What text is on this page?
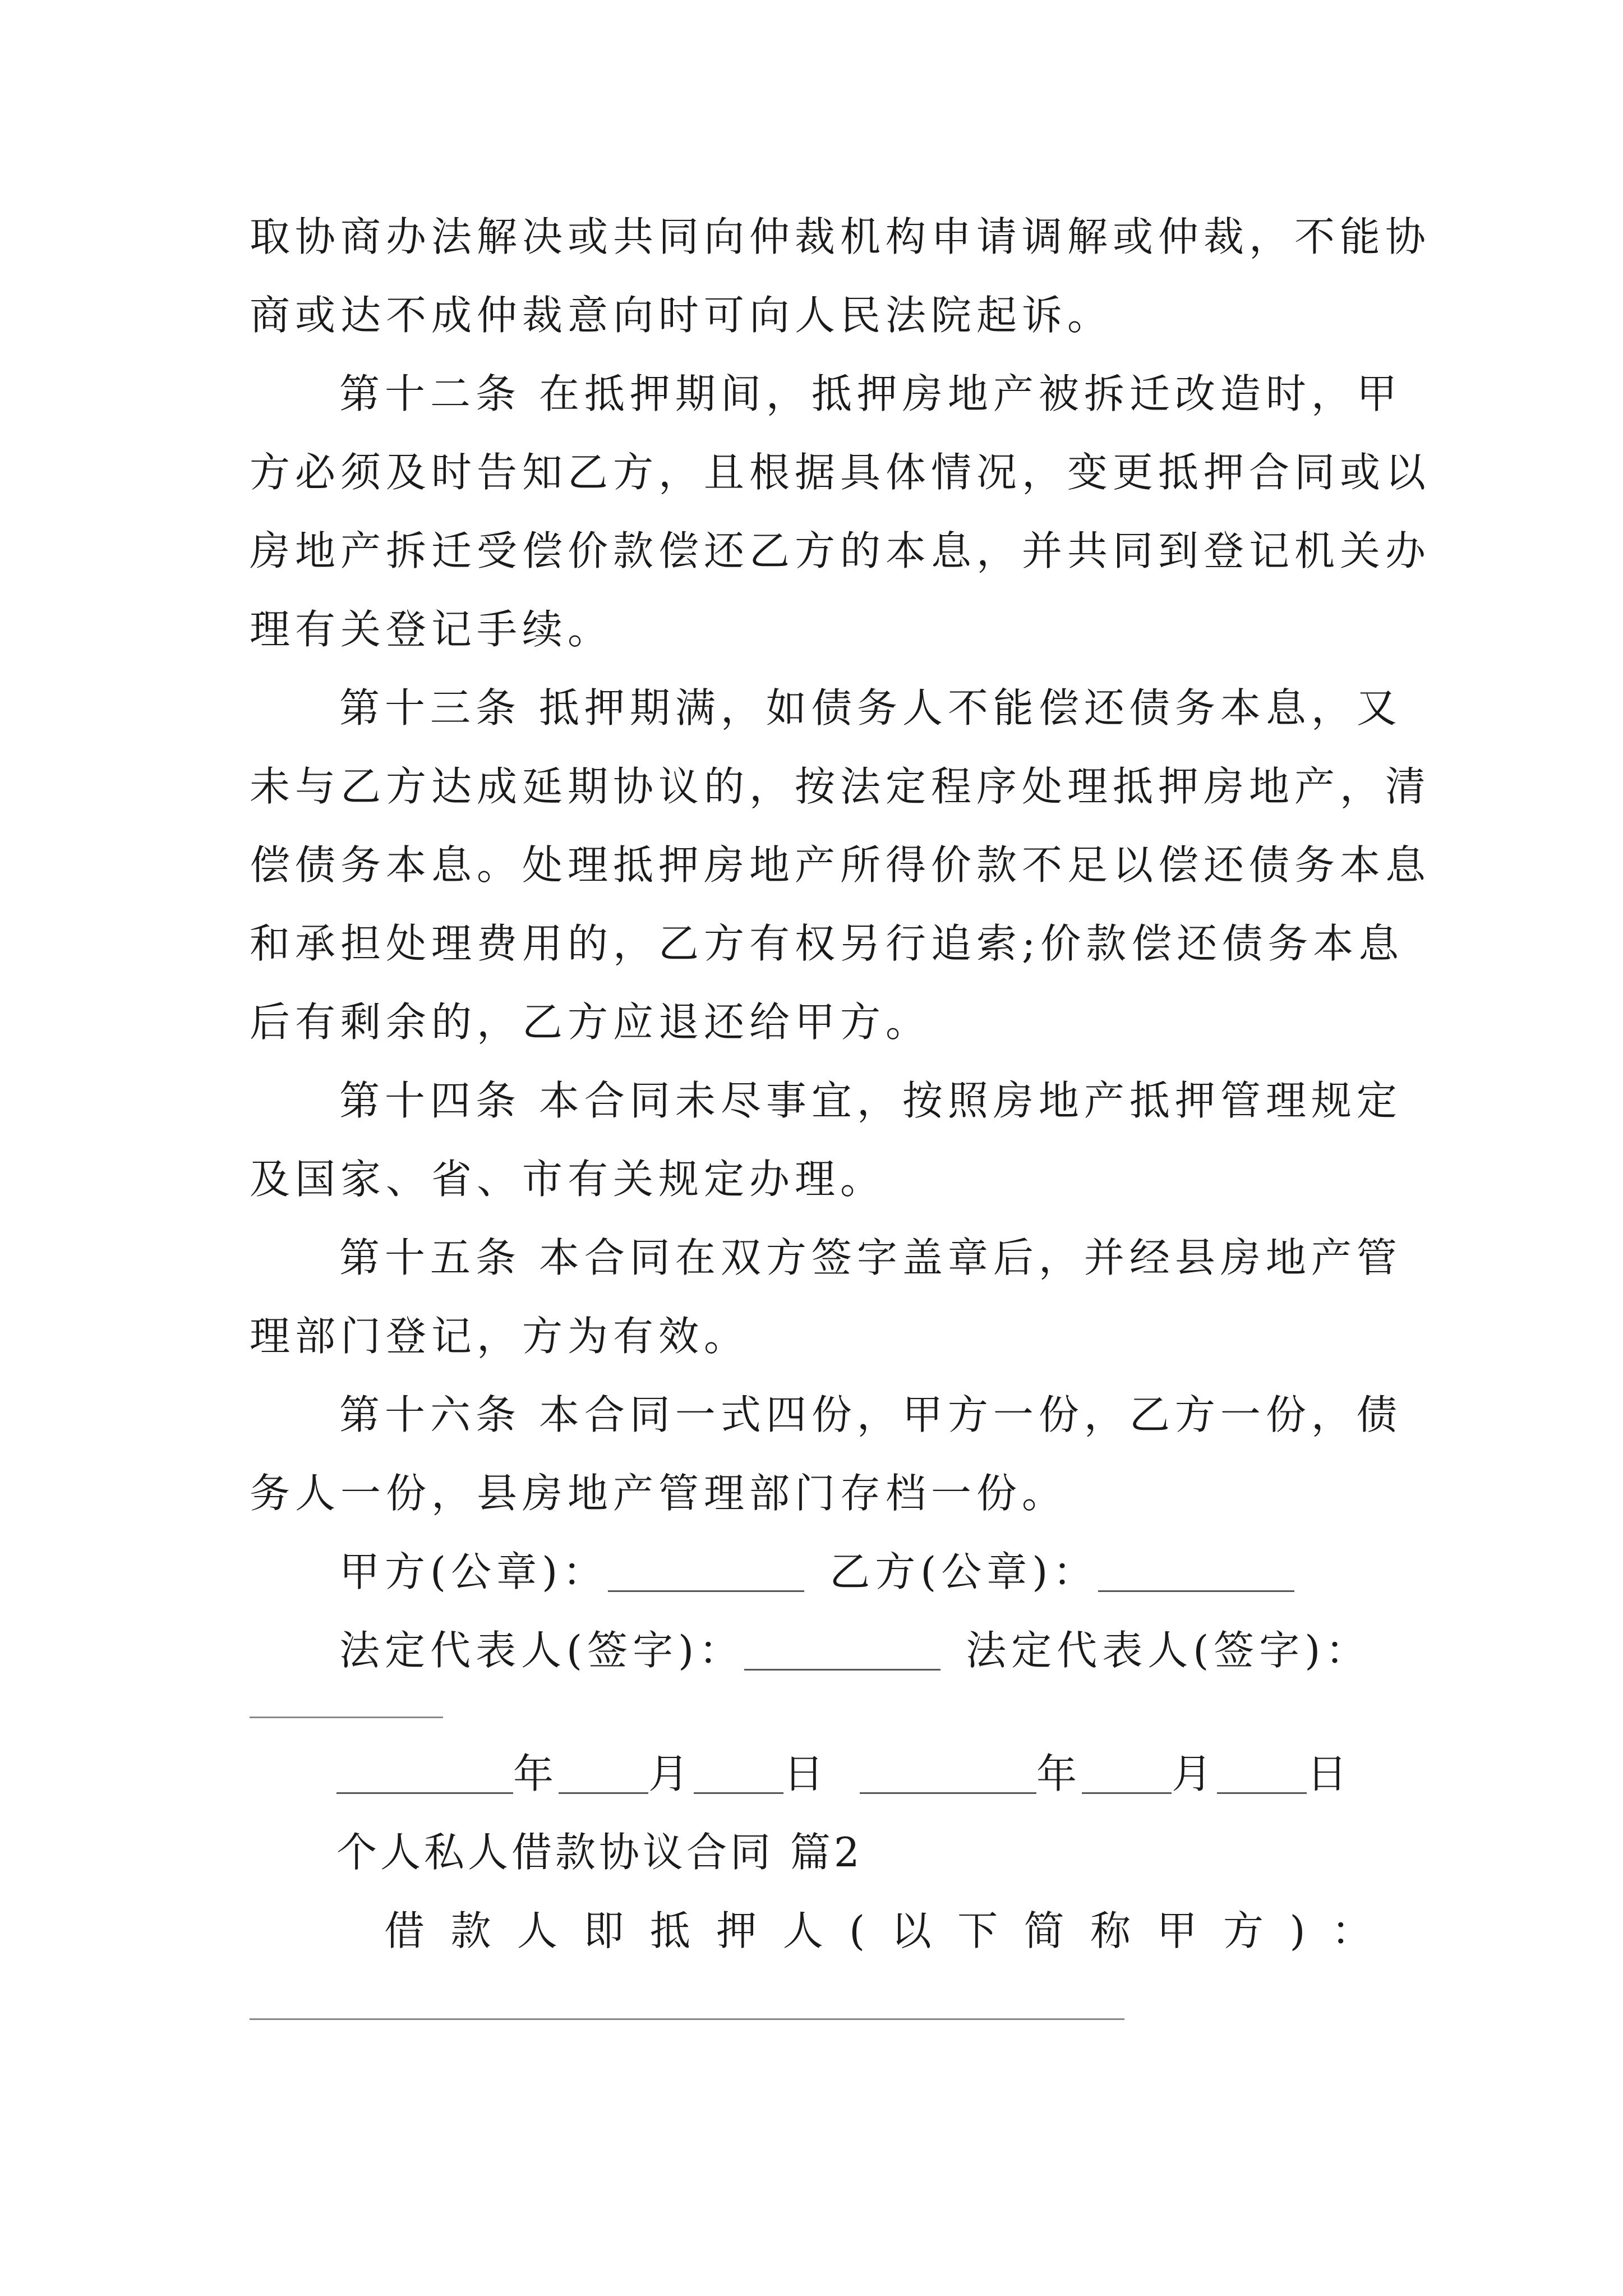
取协商办法解决或共同向仲裁机构申请调解或仲裁，不能协
商或达不成仲裁意向时可向人民法院起诉。
第十二条 在抵押期间，抵押房地产被拆迁改造时，甲
方必须及时告知乙方，且根据具体情况，变更抵押合同或以
房地产拆迁受偿价款偿还乙方的本息，并共同到登记机关办
理有关登记手续。
第十三条 抵押期满，如债务人不能偿还债务本息，又
未与乙方达成延期协议的，按法定程序处理抵押房地产，清
偿债务本息。处理抵押房地产所得价款不足以偿还债务本息
和承担处理费用的，乙方有权另行追索;价款偿还债务本息
后有剩余的，乙方应退还给甲方。
第十四条 本合同未尽事宜，按照房地产抵押管理规定
及国家、省、市有关规定办理。
第十五条 本合同在双方签字盖章后，并经县房地产管
理部门登记，方为有效。
第十六条 本合同一式四份，甲方一份，乙方一份，债
务人一份，县房地产管理部门存档一份。
甲方(公章)：	乙方(公章)：
法定代表人(签字)：	法定代表人(签字)：
年 月 日	年 月 日
个人私人借款协议合同 篇2
借款人即抵押人(以下简称甲方)：
